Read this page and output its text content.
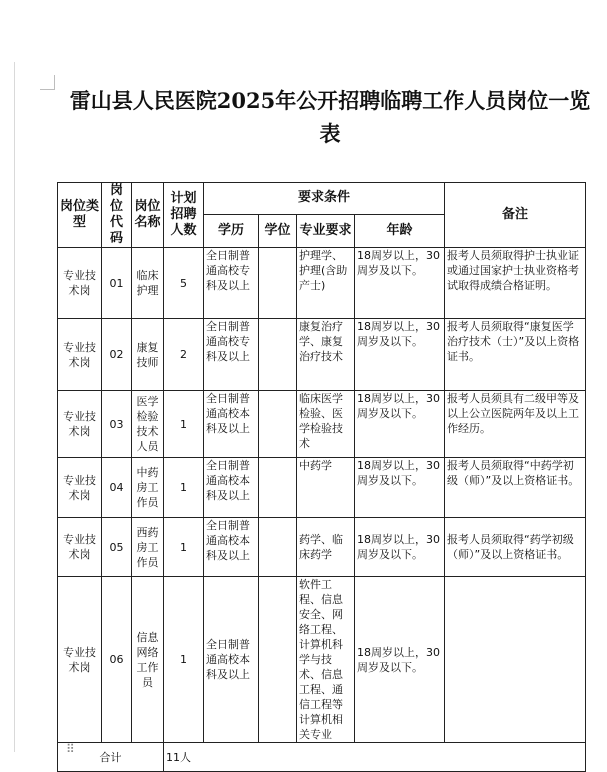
雷山县人民医院2025年公开招聘临聘工作人员岗位一览表
岗位类型	岗位代码	岗位名称	计划招聘人数	要求条件				备注
				学历	学位	专业要求	年龄	
专业技术岗	01	临床护理	5	全日制普通高校专科及以上		护理学、护理(含助产士)	18周岁以上，30周岁及以下。	报考人员须取得护士执业证或通过国家护士执业资格考试取得成绩合格证明。
专业技术岗	02	康复技师	2	全日制普通高校专科及以上		康复治疗学、康复治疗技术	18周岁以上，30周岁及以下。	报考人员须取得“康复医学治疗技术（士）”及以上资格证书。
专业技术岗	03	医学检验技术人员	1	全日制普通高校本科及以上		临床医学检验、医学检验技术	18周岁以上，30周岁及以下。	报考人员须具有二级甲等及以上公立医院两年及以上工作经历。
专业技术岗	04	中药房工作员	1	全日制普通高校本科及以上		中药学	18周岁以上，30周岁及以下。	报考人员须取得“中药学初级（师）”及以上资格证书。
专业技术岗	05	西药房工作员	1	全日制普通高校本科及以上		药学、临床药学	18周岁以上，30周岁及以下。	报考人员须取得“药学初级（师）”及以上资格证书。
专业技术岗	06	信息网络工作员	1	全日制普通高校本科及以上		软件工程、信息安全、网络工程、计算机科学与技术、信息工程、通信工程等计算机相关专业	18周岁以上，30周岁及以下。	
合计			11人					
⠿
